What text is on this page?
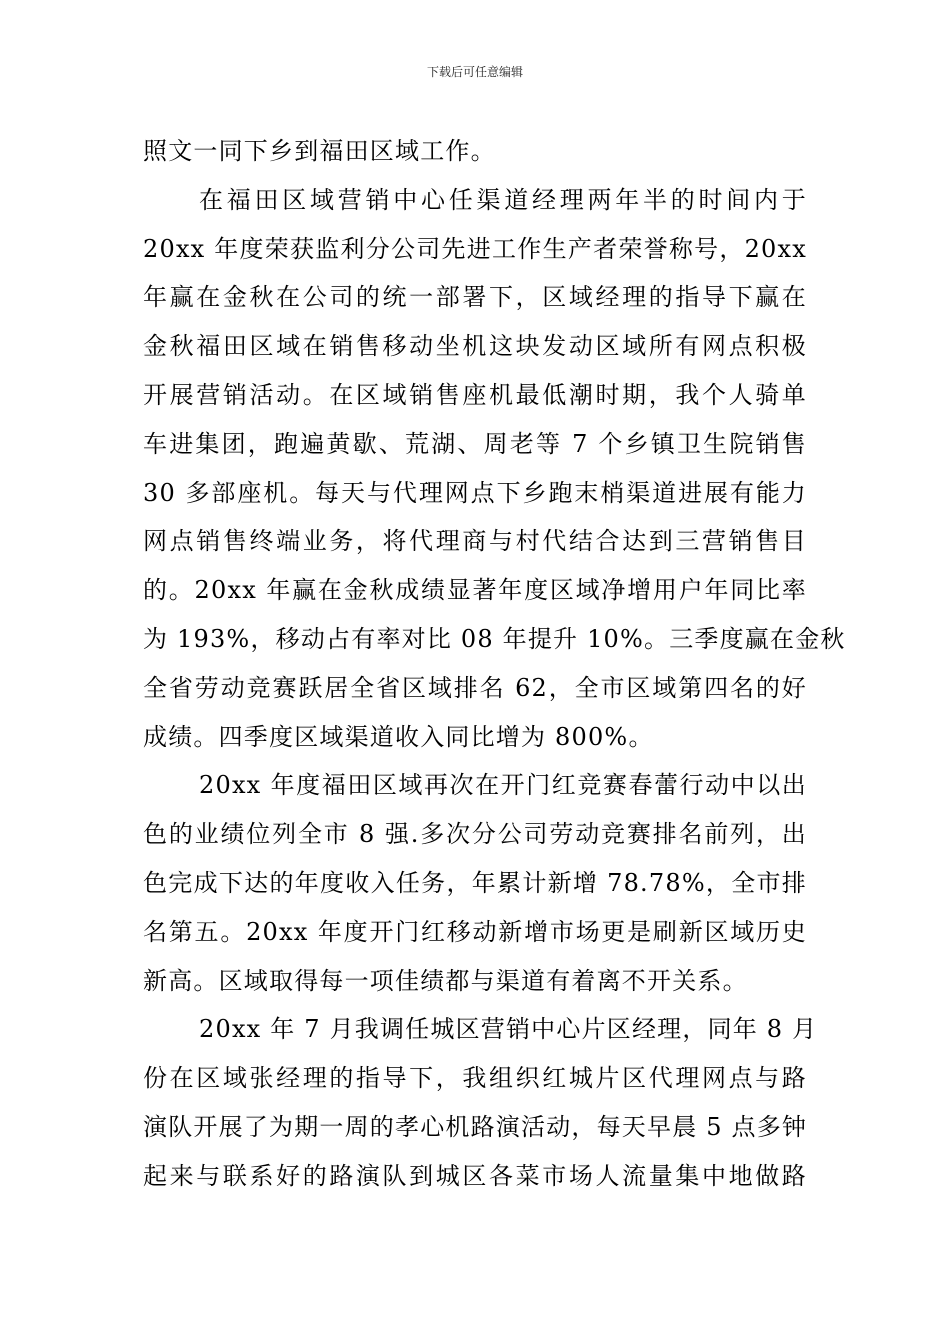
下载后可任意编辑
照文一同下乡到福田区域工作。
在福田区域营销中心任渠道经理两年半的时间内于
20xx 年度荣获监利分公司先进工作生产者荣誉称号，20xx
年赢在金秋在公司的统一部署下，区域经理的指导下赢在
金秋福田区域在销售移动坐机这块发动区域所有网点积极
开展营销活动。在区域销售座机最低潮时期，我个人骑单
车进集团，跑遍黄歇、荒湖、周老等 7 个乡镇卫生院销售
30 多部座机。每天与代理网点下乡跑末梢渠道进展有能力
网点销售终端业务，将代理商与村代结合达到三营销售目
的。20xx 年赢在金秋成绩显著年度区域净增用户年同比率
为 193%，移动占有率对比 08 年提升 10%。三季度赢在金秋
全省劳动竞赛跃居全省区域排名 62，全市区域第四名的好
成绩。四季度区域渠道收入同比增为 800%。
20xx 年度福田区域再次在开门红竞赛春蕾行动中以出
色的业绩位列全市 8 强.多次分公司劳动竞赛排名前列，出
色完成下达的年度收入任务，年累计新增 78.78%，全市排
名第五。20xx 年度开门红移动新增市场更是刷新区域历史
新高。区域取得每一项佳绩都与渠道有着离不开关系。
20xx 年 7 月我调任城区营销中心片区经理，同年 8 月
份在区域张经理的指导下，我组织红城片区代理网点与路
演队开展了为期一周的孝心机路演活动，每天早晨 5 点多钟
起来与联系好的路演队到城区各菜市场人流量集中地做路
